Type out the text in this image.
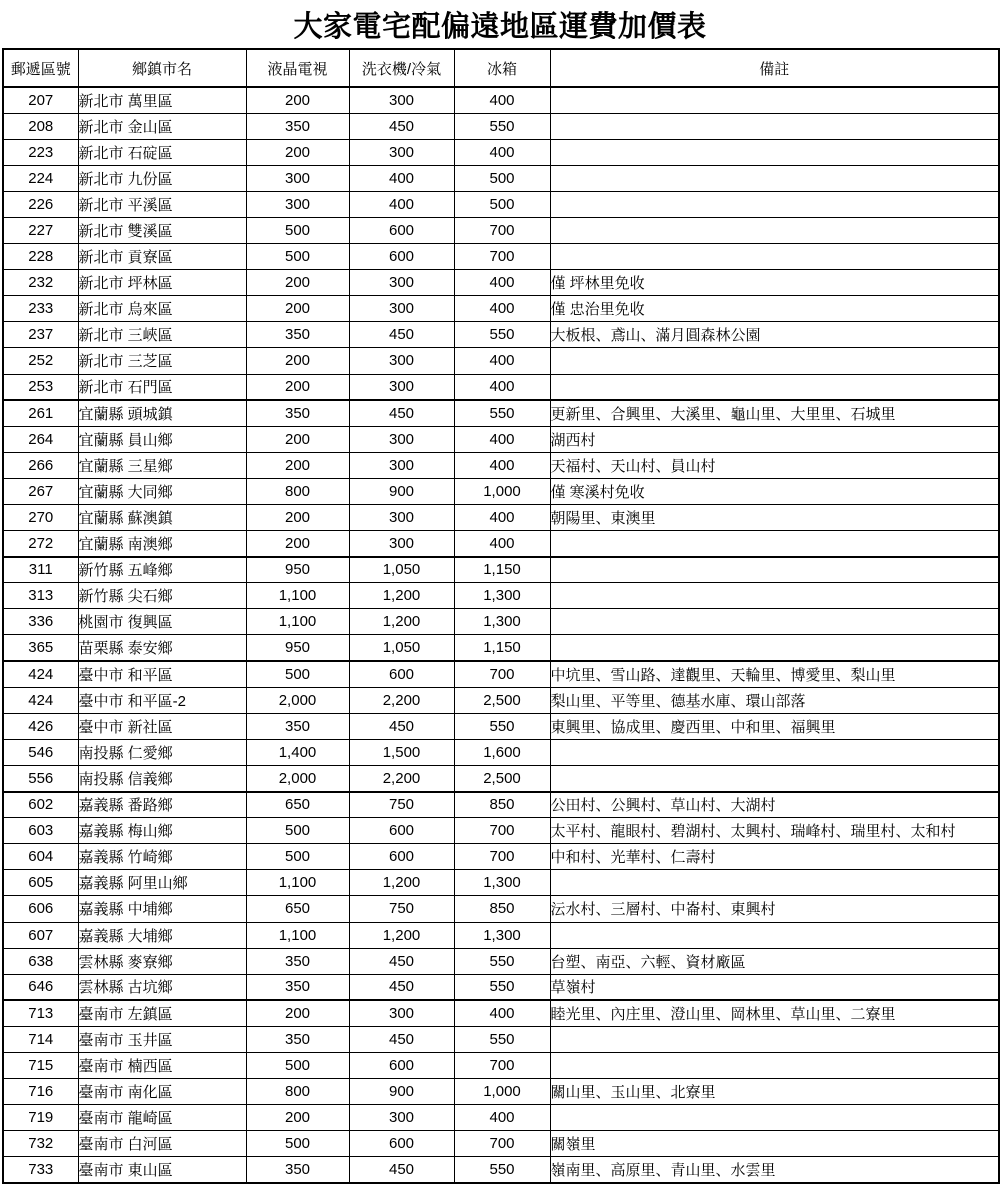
大家電宅配偏遠地區運費加價表
郵遞區號	鄉鎮市名	液晶電視	洗衣機/冷氣	冰箱	備註
207	新北市 萬里區	200	300	400	
208	新北市 金山區	350	450	550	
223	新北市 石碇區	200	300	400	
224	新北市 九份區	300	400	500	
226	新北市 平溪區	300	400	500	
227	新北市 雙溪區	500	600	700	
228	新北市 貢寮區	500	600	700	
232	新北市 坪林區	200	300	400	僅 坪林里免收
233	新北市 烏來區	200	300	400	僅 忠治里免收
237	新北市 三峽區	350	450	550	大板根、鳶山、滿月圓森林公園
252	新北市 三芝區	200	300	400	
253	新北市 石門區	200	300	400	
261	宜蘭縣 頭城鎮	350	450	550	更新里、合興里、大溪里、龜山里、大里里、石城里
264	宜蘭縣 員山鄉	200	300	400	湖西村
266	宜蘭縣 三星鄉	200	300	400	天福村、天山村、員山村
267	宜蘭縣 大同鄉	800	900	1,000	僅 寒溪村免收
270	宜蘭縣 蘇澳鎮	200	300	400	朝陽里、東澳里
272	宜蘭縣 南澳鄉	200	300	400	
311	新竹縣 五峰鄉	950	1,050	1,150	
313	新竹縣 尖石鄉	1,100	1,200	1,300	
336	桃園市 復興區	1,100	1,200	1,300	
365	苗栗縣 泰安鄉	950	1,050	1,150	
424	臺中市 和平區	500	600	700	中坑里、雪山路、達觀里、天輪里、博愛里、梨山里
424	臺中市 和平區-2	2,000	2,200	2,500	梨山里、平等里、德基水庫、環山部落
426	臺中市 新社區	350	450	550	東興里、協成里、慶西里、中和里、福興里
546	南投縣 仁愛鄉	1,400	1,500	1,600	
556	南投縣 信義鄉	2,000	2,200	2,500	
602	嘉義縣 番路鄉	650	750	850	公田村、公興村、草山村、大湖村
603	嘉義縣 梅山鄉	500	600	700	太平村、龍眼村、碧湖村、太興村、瑞峰村、瑞里村、太和村
604	嘉義縣 竹崎鄉	500	600	700	中和村、光華村、仁壽村
605	嘉義縣 阿里山鄉	1,100	1,200	1,300	
606	嘉義縣 中埔鄉	650	750	850	沄水村、三層村、中崙村、東興村
607	嘉義縣 大埔鄉	1,100	1,200	1,300	
638	雲林縣 麥寮鄉	350	450	550	台塑、南亞、六輕、資材廠區
646	雲林縣 古坑鄉	350	450	550	草嶺村
713	臺南市 左鎮區	200	300	400	睦光里、內庄里、澄山里、岡林里、草山里、二寮里
714	臺南市 玉井區	350	450	550	
715	臺南市 楠西區	500	600	700	
716	臺南市 南化區	800	900	1,000	關山里、玉山里、北寮里
719	臺南市 龍崎區	200	300	400	
732	臺南市 白河區	500	600	700	關嶺里
733	臺南市 東山區	350	450	550	嶺南里、高原里、青山里、水雲里
